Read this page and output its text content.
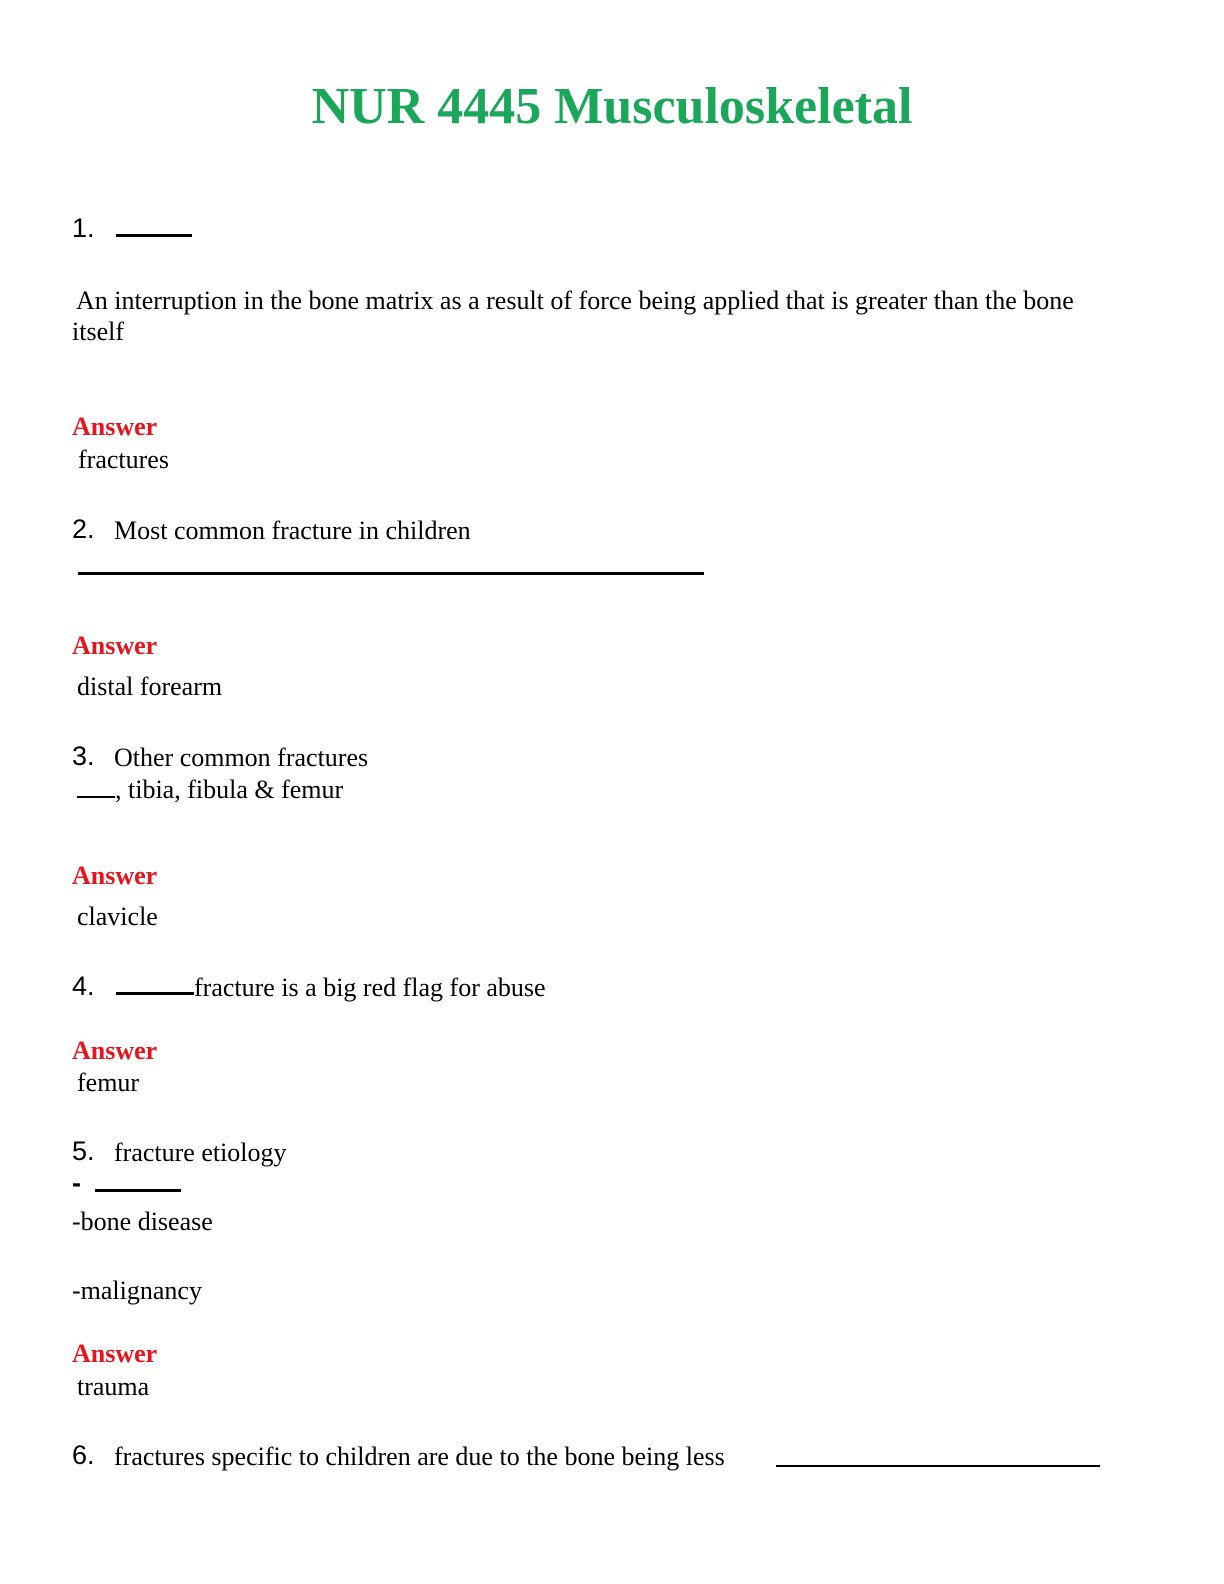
NUR 4445 Musculoskeletal
1.
An interruption in the bone matrix as a result of force being applied that is greater than the bone
itself
Answer
fractures
2. Most common fracture in children
Answer
distal forearm
3. Other common fractures
, tibia, fibula & femur
Answer
clavicle
4.	fracture is a big red flag for abuse
Answer
femur
5. fracture etiology
-
-bone disease
-malignancy
Answer
trauma
6. fractures specific to children are due to the bone being less
